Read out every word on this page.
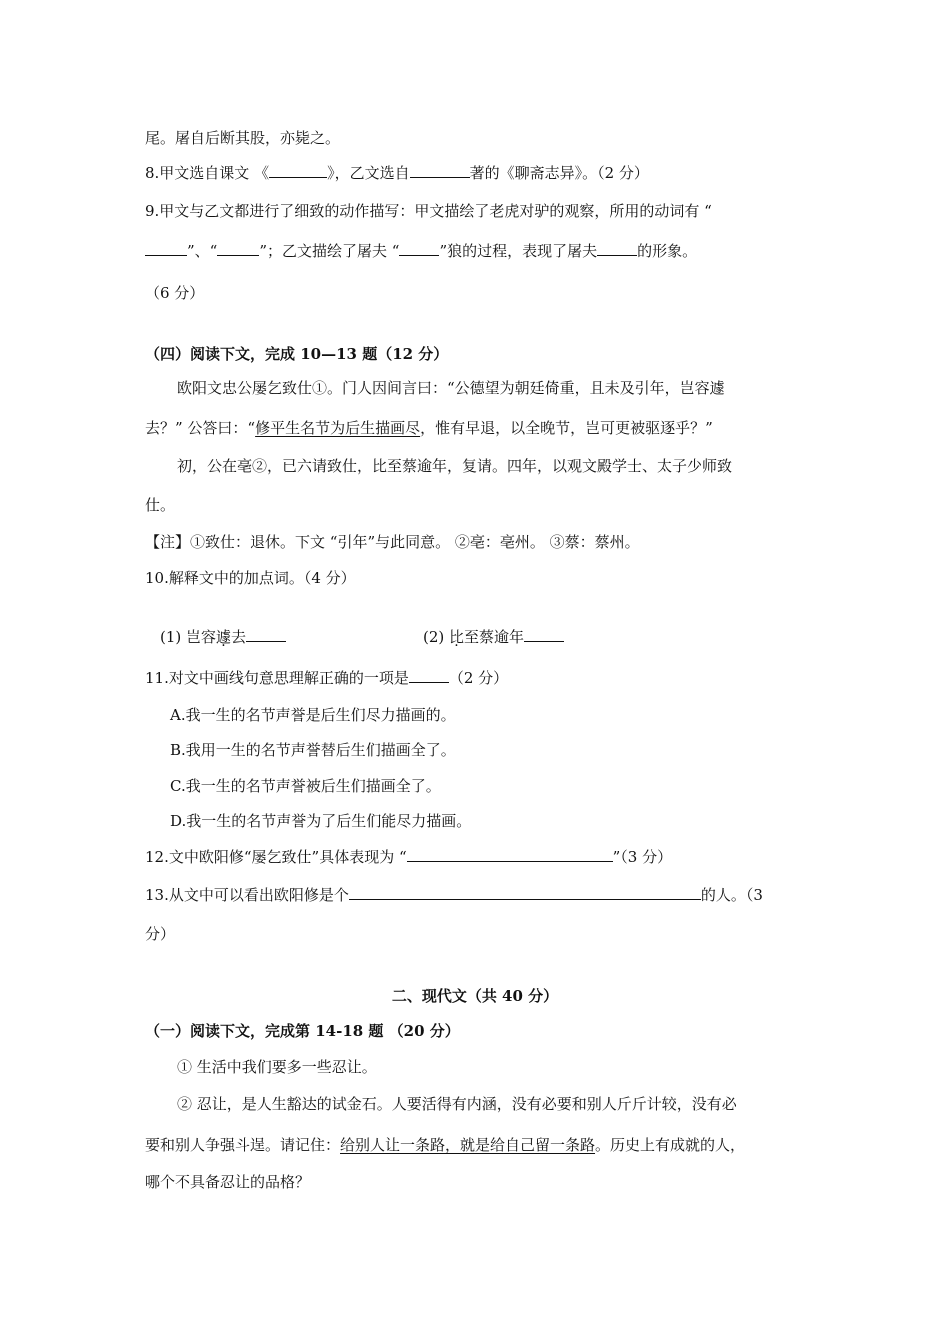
尾。屠自后断其股，亦毙之。
8.甲文选自课文 《	》，乙文选自	著的《聊斋志异》。（2 分）
9.甲文与乙文都进行了细致的动作描写：甲文描绘了老虎对驴的观察，所用的动词有 “
”、“	”；乙文描绘了屠夫 “	”狼的过程，表现了屠夫	的形象。
（6 分）
（四）阅读下文，完成 10—13 题（12 分）
欧阳文忠公屡乞致仕①。门人因间言曰：“公德望为朝廷倚重，且未及引年，岂容遽
去？” 公答曰：“修平生名节为后生描画尽，惟有早退，以全晚节，岂可更被驱逐乎？”
初，公在亳②，已六请致仕，比至蔡逾年，复请。四年，以观文殿学士、太子少师致
仕。
【注】①致仕：退休。下文 “引年”与此同意。 ②亳：亳州。 ③蔡：蔡州。
10.解释文中的加点词。（4 分）
(1) 岂容遽去	(2) 比至蔡逾年
11.对文中画线句意思理解正确的一项是	（2 分）
A.我一生的名节声誉是后生们尽力描画的。
B.我用一生的名节声誉替后生们描画全了。
C.我一生的名节声誉被后生们描画全了。
D.我一生的名节声誉为了后生们能尽力描画。
12.文中欧阳修“屡乞致仕”具体表现为 “	”（3 分）
13.从文中可以看出欧阳修是个	的人。（3
分）
二、现代文（共 40 分）
（一）阅读下文，完成第 14-18 题 （20 分）
① 生活中我们要多一些忍让。
② 忍让，是人生豁达的试金石。人要活得有内涵，没有必要和别人斤斤计较，没有必
要和别人争强斗逞。请记住：给别人让一条路，就是给自己留一条路。历史上有成就的人，
哪个不具备忍让的品格？
